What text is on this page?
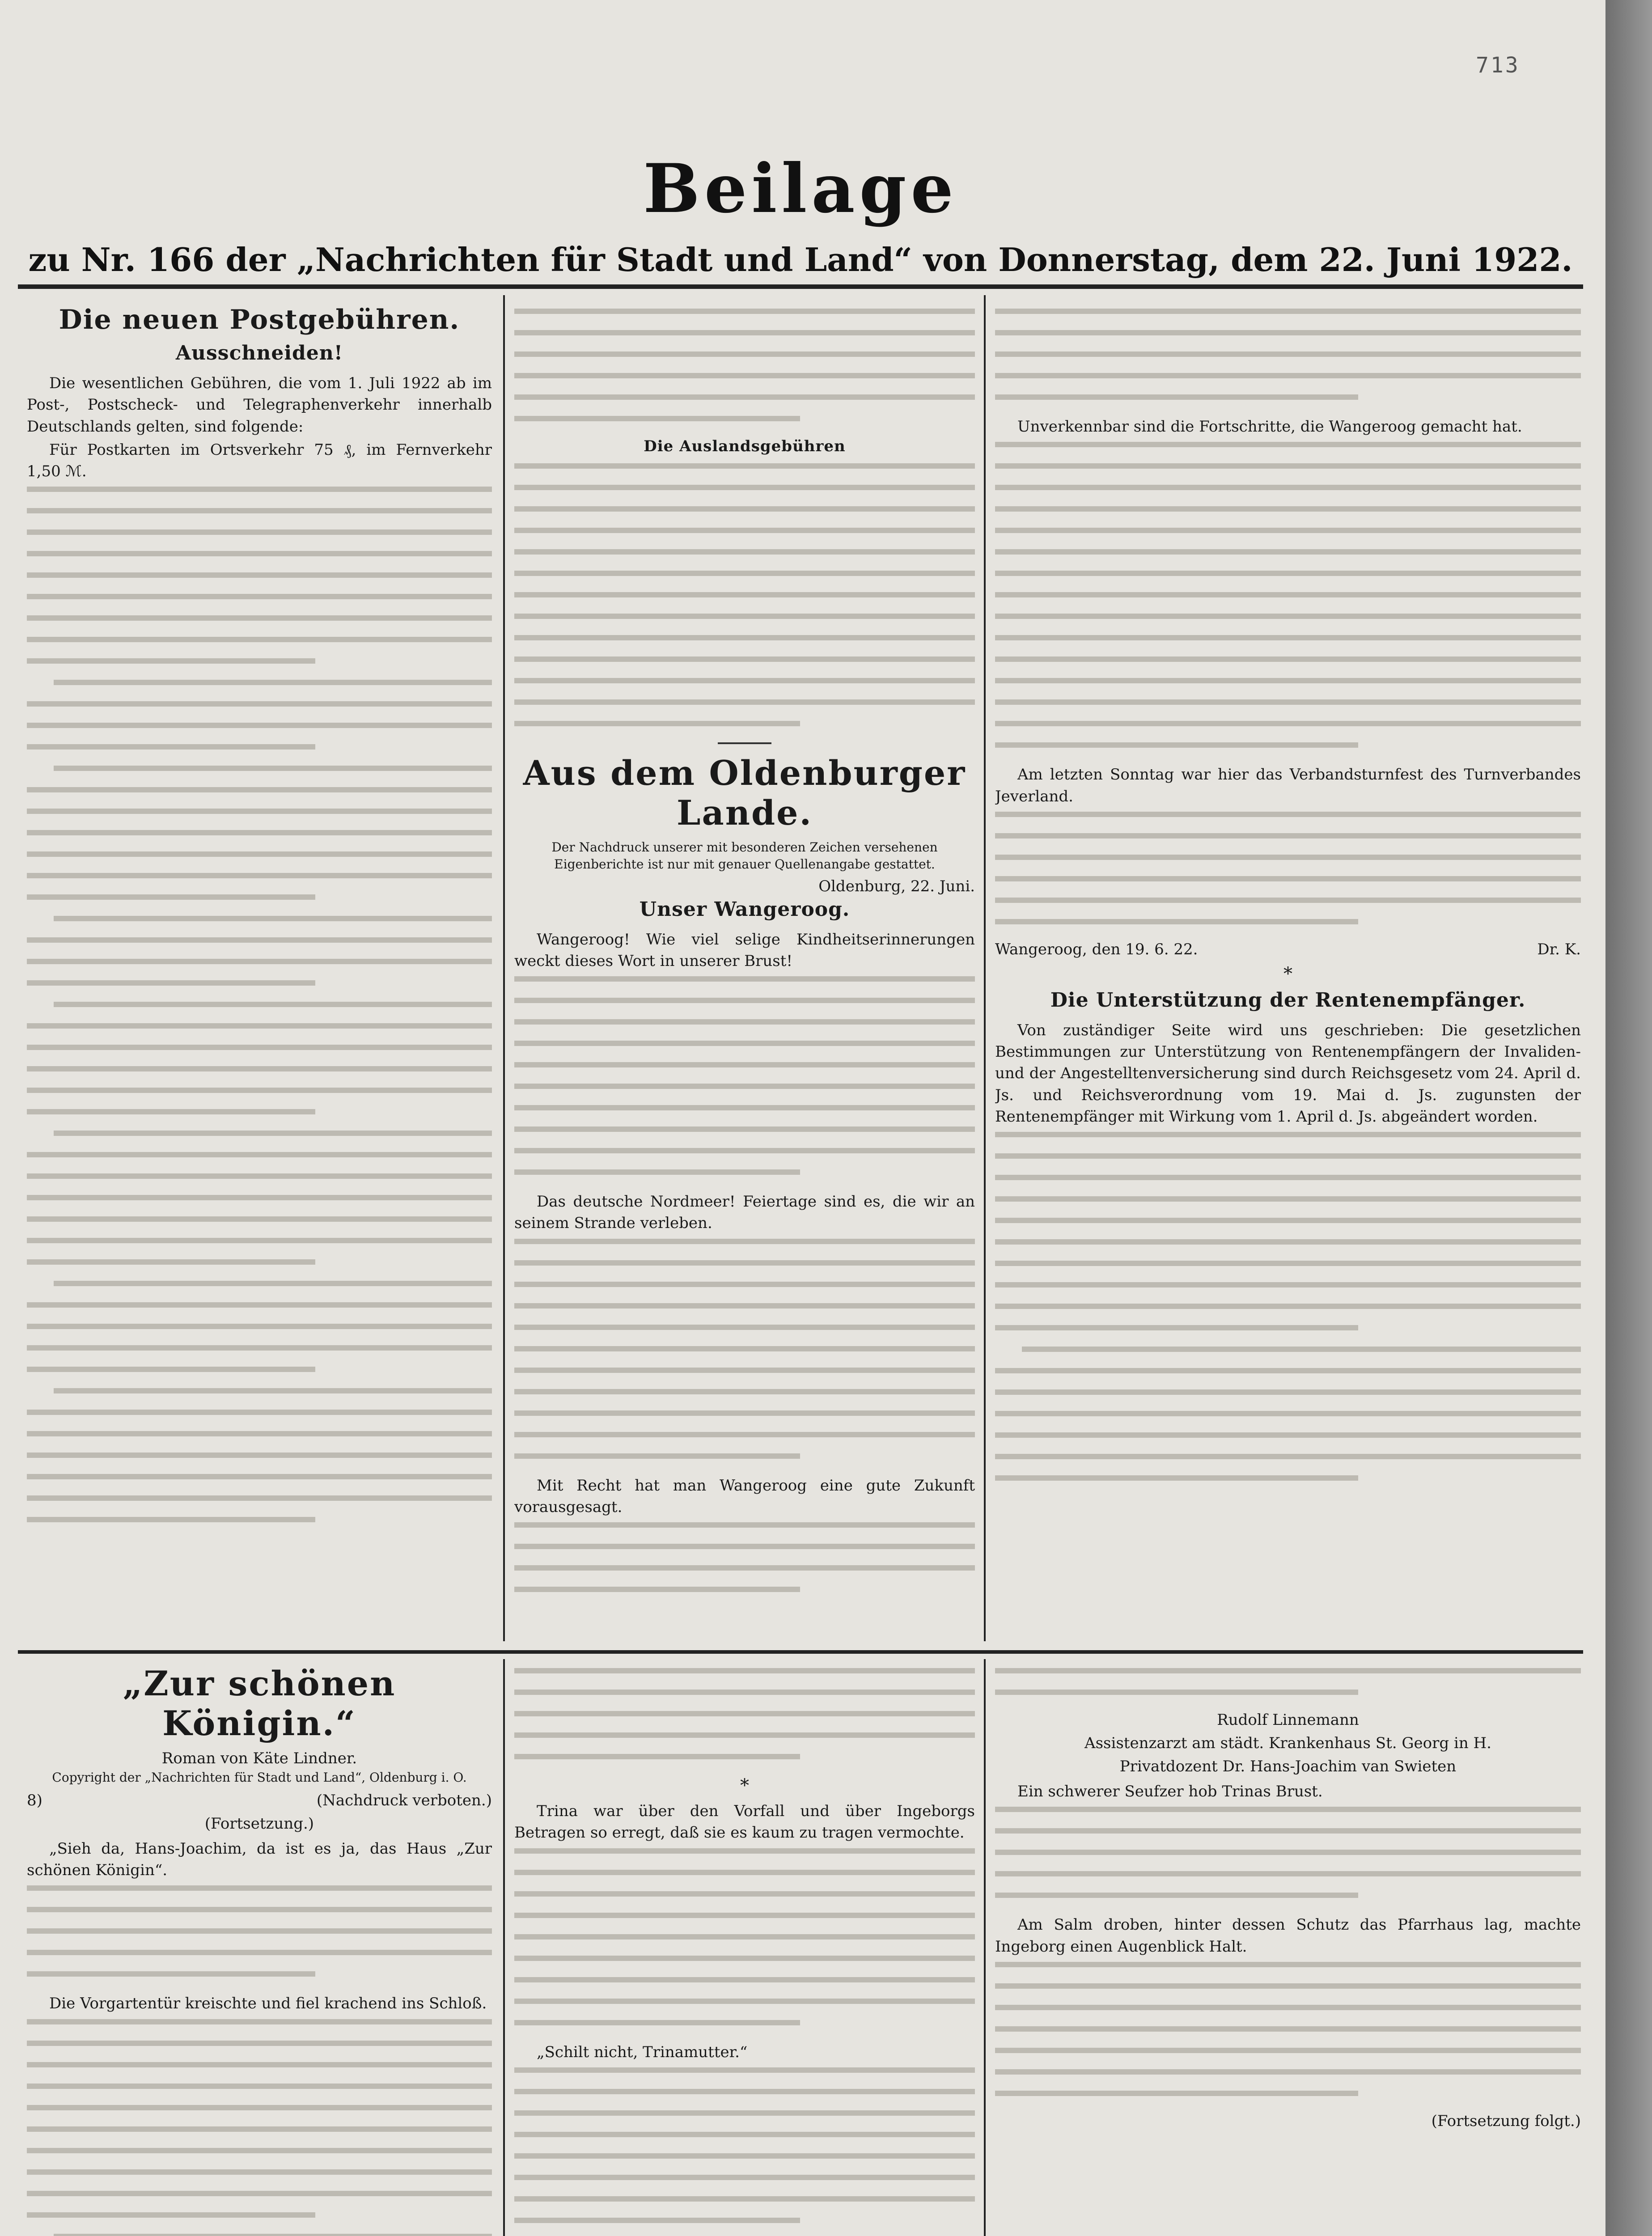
713
Beilage
zu Nr. 166 der „Nachrichten für Stadt und Land“ von Donnerstag, dem 22. Juni 1922.
Die neuen Postgebühren.
Ausschneiden!
Die wesentlichen Gebühren, die vom 1. Juli 1922 ab im Post-, Postscheck- und Telegraphenverkehr innerhalb Deutschlands gelten, sind folgende:
Für Postkarten im Ortsverkehr 75 ₰, im Fernverkehr 1,50 ℳ.
Die Auslandsgebühren
Aus dem Oldenburger Lande.
Der Nachdruck unserer mit besonderen Zeichen versehenen Eigenberichte ist nur mit genauer Quellenangabe gestattet.
Oldenburg, 22. Juni.
Unser Wangeroog.
Wangeroog! Wie viel selige Kindheitserinnerungen weckt dieses Wort in unserer Brust!
Das deutsche Nordmeer! Feiertage sind es, die wir an seinem Strande verleben.
Mit Recht hat man Wangeroog eine gute Zukunft vorausgesagt.
Unverkennbar sind die Fortschritte, die Wangeroog gemacht hat.
Am letzten Sonntag war hier das Verbandsturnfest des Turnverbandes Jeverland.
Wangeroog, den 19. 6. 22.	Dr. K.
*
Die Unterstützung der Rentenempfänger.
Von zuständiger Seite wird uns geschrieben: Die gesetzlichen Bestimmungen zur Unterstützung von Rentenempfängern der Invaliden- und der Angestelltenversicherung sind durch Reichsgesetz vom 24. April d. Js. und Reichsverordnung vom 19. Mai d. Js. zugunsten der Rentenempfänger mit Wirkung vom 1. April d. Js. abgeändert worden.
„Zur schönen Königin.“
Roman von Käte Lindner.
Copyright der „Nachrichten für Stadt und Land“, Oldenburg i. O.
8)	(Nachdruck verboten.)
(Fortsetzung.)
„Sieh da, Hans-Joachim, da ist es ja, das Haus „Zur schönen Königin“.
Die Vorgartentür kreischte und fiel krachend ins Schloß.
*
Trina war über den Vorfall und über Ingeborgs Betragen so erregt, daß sie es kaum zu tragen vermochte.
„Schilt nicht, Trinamutter.“
Rudolf Linnemann
Assistenzarzt am städt. Krankenhaus St. Georg in H.
Privatdozent Dr. Hans-Joachim van Swieten
Ein schwerer Seufzer hob Trinas Brust.
Am Salm droben, hinter dessen Schutz das Pfarrhaus lag, machte Ingeborg einen Augenblick Halt.
(Fortsetzung folgt.)
